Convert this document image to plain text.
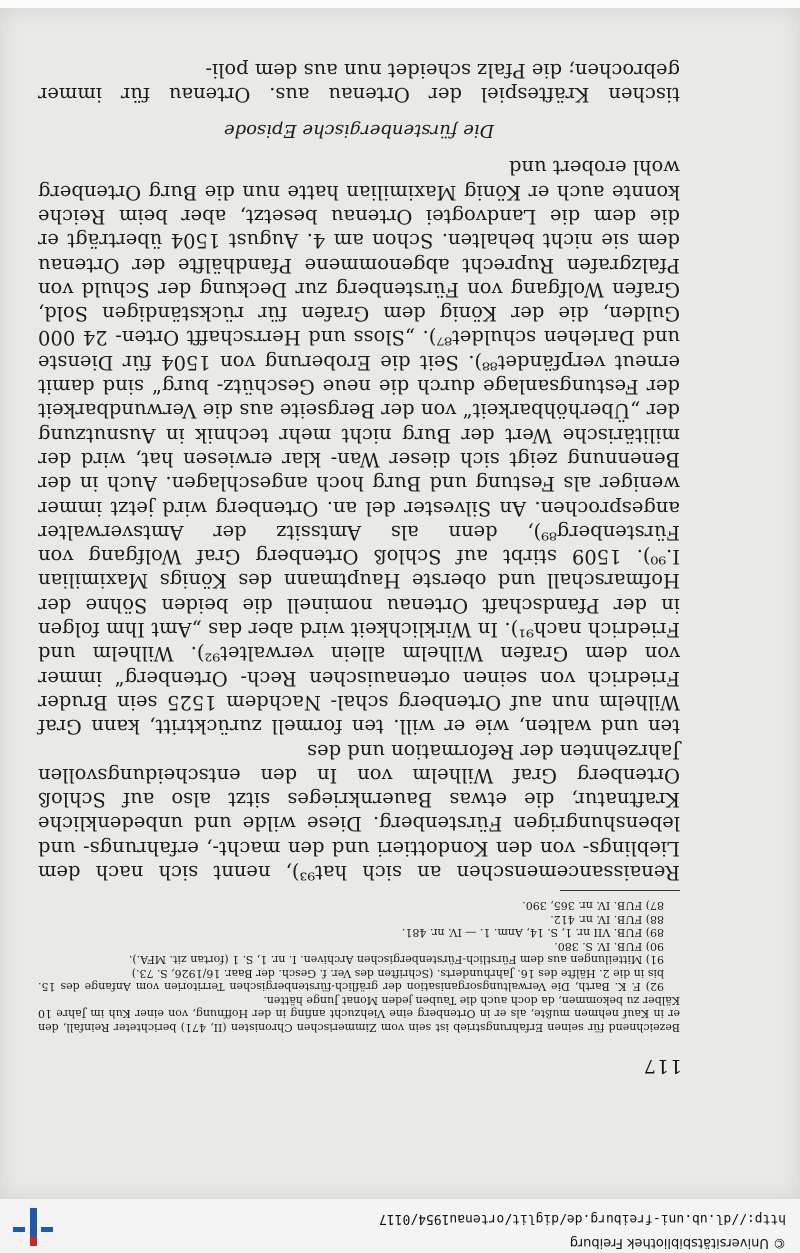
© Universitätsbibliothek Freiburg
http://dl.ub.uni-freiburg.de/diglit/ortenau1954/0117
117

Bezeichnend für seinen Erfahrungstrieb ist sein vom Zimmerischen Chronisten (II, 471) berichteter Reinfall, den er in Kauf nehmen mußte, als er in Ortenberg eine Viehzucht anfing in der Hoffnung, von einer Kuh im Jahre 10 Kälber zu bekommen, da doch auch die Tauben jeden Monat Junge hätten.

92) F. K. Barth, Die Verwaltungsorganisation der gräflich-fürstenbergischen Territorien vom Anfange des 15. bis in die 2. Hälfte des 16. Jahrhunderts. (Schriften des Ver. f. Gesch. der Baar. 16/1926, S. 73.)

91) Mitteilungen aus dem Fürstlich-Fürstenbergischen Archiven. I. nr. 1, S. 1 (fortan zit. MFA.).

90) FUB. IV. S. 380.

89) FUB. VII nr. 1, S. 14, Anm. 1. — IV. nr. 481.

88) FUB. IV. nr. 412.

87) FUB. IV. nr. 365, 390.

Renaissancemenschen an sich hat⁹³), nennt sich nach dem Lieblings- von den Kondottieri und den macht-, erfahrungs- und lebenshungrigen Fürstenberg. Diese wilde und unbedenkliche Kraftnatur, die etwas Bauernkrieges sitzt also auf Schloß Ortenberg Graf Wilhelm von In den entscheidungsvollen Jahrzehnten der Reformation und des

ten und walten, wie er will. ten formell zurücktritt, kann Graf Wilhelm nun auf Ortenberg schal- Nachdem 1525 sein Bruder Friedrich von seinen ortenauischen Rech- Ortenberg“ immer von dem Grafen Wilhelm allein verwaltet⁹²). Wilhelm und Friedrich nach⁹¹). In Wirklichkeit wird aber das „Amt Ihm folgen in der Pfandschaft Ortenau nominell die beiden Söhne der Hofmarschall und oberste Hauptmann des Königs Maximilian I.⁹⁰). 1509 stirbt auf Schloß Ortenberg Graf Wolfgang von Fürstenberg⁸⁹), denn als Amtssitz der Amtsverwalter angesprochen. An Silvester del an. Ortenberg wird jetzt immer weniger als Festung und Burg hoch angeschlagen. Auch in der Benennung zeigt sich dieser Wan- klar erwiesen hat, wird der militärische Wert der Burg nicht mehr technik in Ausnutzung der „Überhöhbarkeit“ von der Bergseite aus die Verwundbarkeit der Festungsanlage durch die neue Geschütz- burg“ sind damit erneut verpfändet⁸⁸). Seit die Eroberung von 1504 für Dienste und Darlehen schuldet⁸⁷). „Sloss und Herrschafft Orten- 24 000 Gulden, die der König dem Grafen für rückständigen Sold, Grafen Wolfgang von Fürstenberg zur Deckung der Schuld von Pfalzgrafen Ruprecht abgenommene Pfandhälfte der Ortenau dem sie nicht behalten. Schon am 4. August 1504 überträgt er die dem die Landvogtei Ortenau besetzt, aber beim Reiche konnte auch er König Maximilian hatte nun die Burg Ortenberg wohl erobert und

Die fürstenbergische Episode

tischen Kräftespiel der Ortenau aus. Ortenau für immer gebrochen; die Pfalz scheidet nun aus dem poli-
